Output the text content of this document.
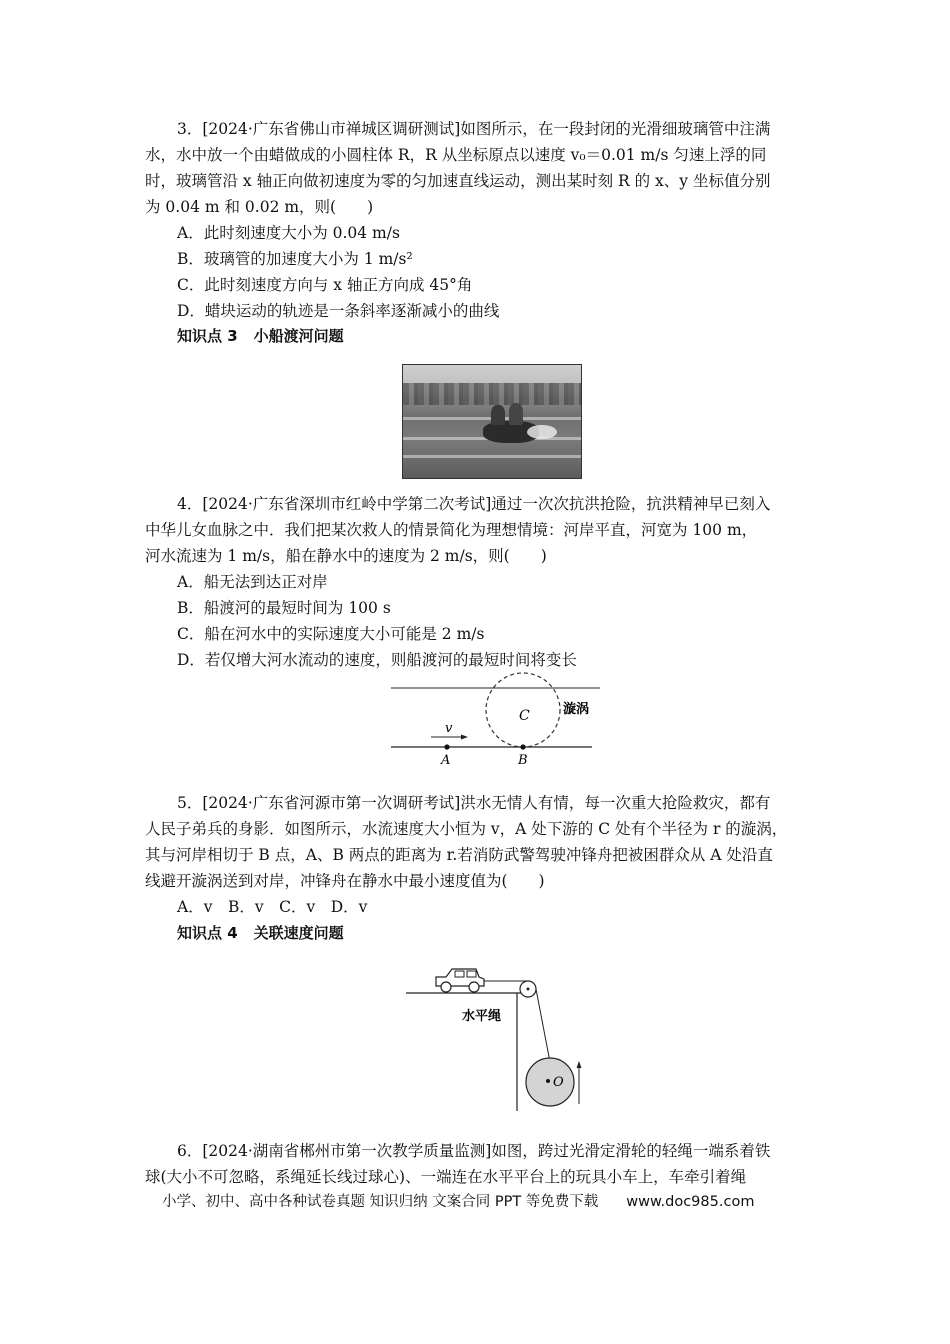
3．[2024·广东省佛山市禅城区调研测试]如图所示，在一段封闭的光滑细玻璃管中注满
水，水中放一个由蜡做成的小圆柱体 R，R 从坐标原点以速度 v₀＝0.01 m/s 匀速上浮的同
时，玻璃管沿 x 轴正向做初速度为零的匀加速直线运动，测出某时刻 R 的 x、y 坐标值分别
为 0.04 m 和 0.02 m，则(　　)
A．此时刻速度大小为 0.04 m/s
B．玻璃管的加速度大小为 1 m/s²
C．此时刻速度方向与 x 轴正方向成 45°角
D．蜡块运动的轨迹是一条斜率逐渐减小的曲线
知识点 3 小船渡河问题
4．[2024·广东省深圳市红岭中学第二次考试]通过一次次抗洪抢险，抗洪精神早已刻入
中华儿女血脉之中．我们把某次救人的情景简化为理想情境：河岸平直，河宽为 100 m，
河水流速为 1 m/s，船在静水中的速度为 2 m/s，则(　　)
A．船无法到达正对岸
B．船渡河的最短时间为 100 s
C．船在河水中的实际速度大小可能是 2 m/s
D．若仅增大河水流动的速度，则船渡河的最短时间将变长
v
C
A	B
漩涡
5．[2024·广东省河源市第一次调研考试]洪水无情人有情，每一次重大抢险救灾，都有
人民子弟兵的身影．如图所示，水流速度大小恒为 v，A 处下游的 C 处有个半径为 r 的漩涡，
其与河岸相切于 B 点，A、B 两点的距离为 r.若消防武警驾驶冲锋舟把被困群众从 A 处沿直
线避开漩涡送到对岸，冲锋舟在静水中最小速度值为(　　)
A．v　B．v　C．v　D．v
知识点 4 关联速度问题
O
水平绳
6．[2024·湖南省郴州市第一次教学质量监测]如图，跨过光滑定滑轮的轻绳一端系着铁
球(大小不可忽略，系绳延长线过球心)、一端连在水平平台上的玩具小车上，车牵引着绳
小学、初中、高中各种试卷真题 知识归纳 文案合同 PPT 等免费下载 www.doc985.com
